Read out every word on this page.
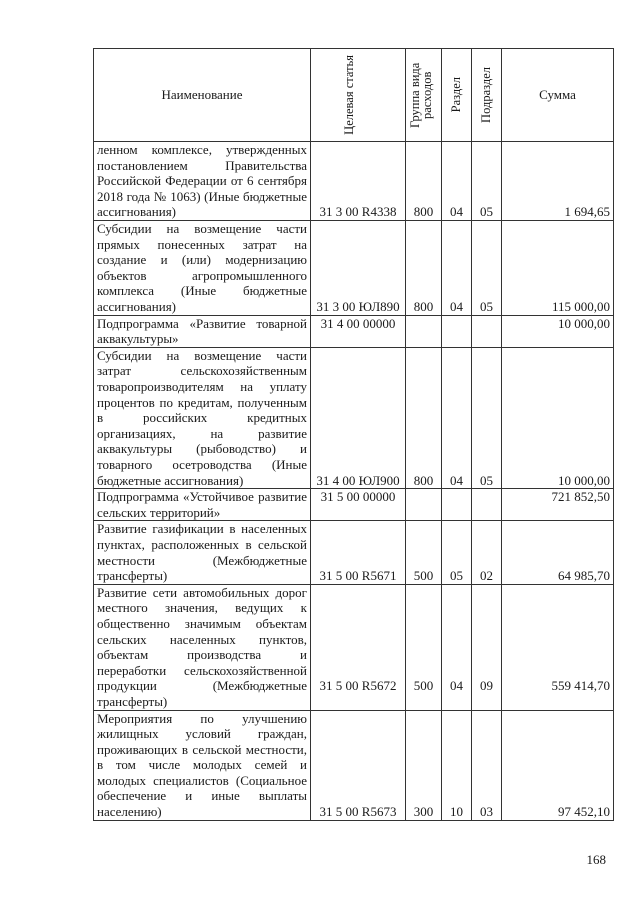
Наименование	Целевая статья	Группа вида расходов	Раздел	Подраздел	Сумма

ленном комплексе, утвержденных постановлением Правительства Российской Федерации от 6 сентября 2018 года № 1063) (Иные бюджетные ассигнования)	31 3 00 R4338	800	04	05	1 694,65

Субсидии на возмещение части прямых понесенных затрат на создание и (или) модернизацию объектов агропромышленного комплекса (Иные бюджетные ассигнования)	31 3 00 ЮЛ890	800	04	05	115 000,00

Подпрограмма «Развитие товарной аквакультуры»	31 4 00 00000				10 000,00

Субсидии на возмещение части затрат сельскохозяйственным товаропроизводителям на уплату процентов по кредитам, полученным в российских кредитных организациях, на развитие аквакультуры (рыбоводство) и товарного осетроводства (Иные бюджетные ассигнования)	31 4 00 ЮЛ900	800	04	05	10 000,00

Подпрограмма «Устойчивое развитие сельских территорий»	31 5 00 00000				721 852,50

Развитие газификации в населенных пунктах, расположенных в сельской местности (Межбюджетные трансферты)	31 5 00 R5671	500	05	02	64 985,70

Развитие сети автомобильных дорог местного значения, ведущих к общественно значимым объектам сельских населенных пунктов, объектам производства и переработки сельскохозяйственной продукции (Межбюджетные трансферты)	31 5 00 R5672	500	04	09	559 414,70

Мероприятия по улучшению жилищных условий граждан, проживающих в сельской местности, в том числе молодых семей и молодых специалистов (Социальное обеспечение и иные выплаты населению)	31 5 00 R5673	300	10	03	97 452,10
168
